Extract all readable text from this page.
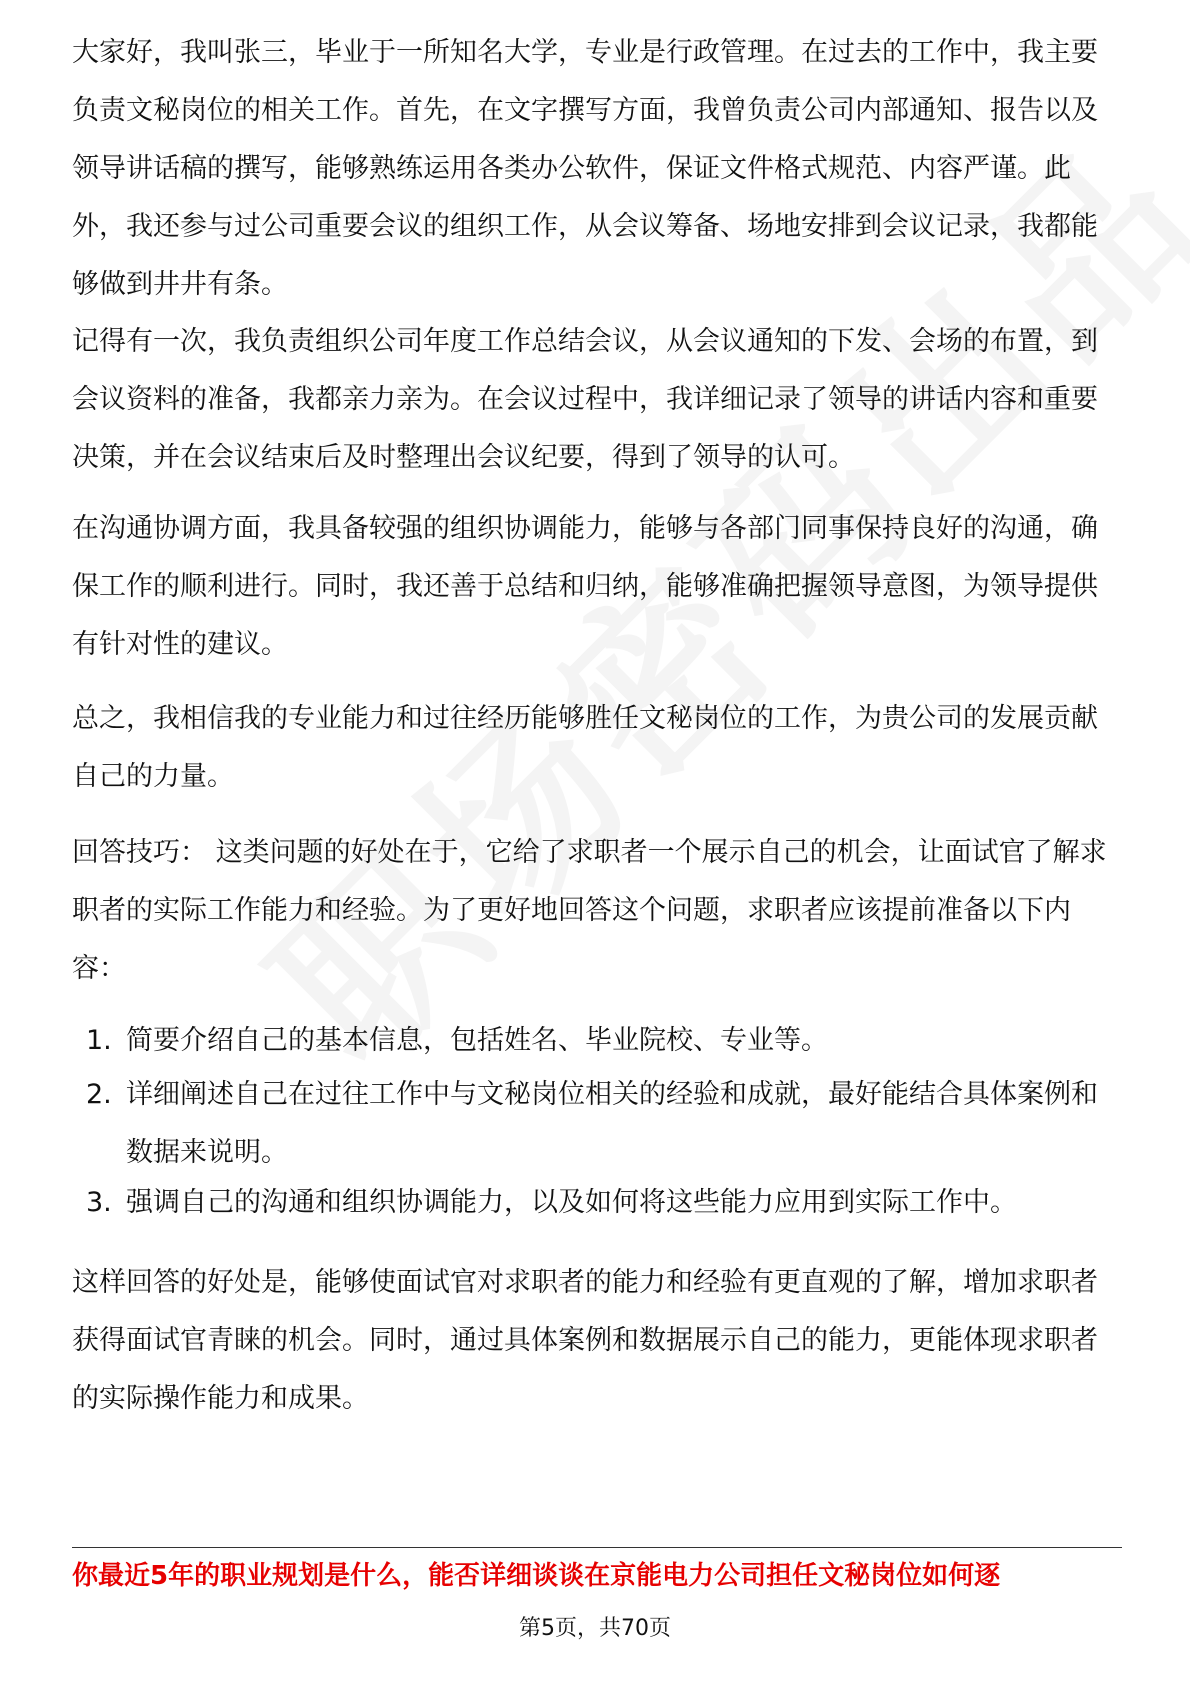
大家好，我叫张三，毕业于一所知名大学，专业是行政管理。在过去的工作中，我主要负责文秘岗位的相关工作。首先，在文字撰写方面，我曾负责公司内部通知、报告以及领导讲话稿的撰写，能够熟练运用各类办公软件，保证文件格式规范、内容严谨。此外，我还参与过公司重要会议的组织工作，从会议筹备、场地安排到会议记录，我都能够做到井井有条。

记得有一次，我负责组织公司年度工作总结会议，从会议通知的下发、会场的布置，到会议资料的准备，我都亲力亲为。在会议过程中，我详细记录了领导的讲话内容和重要决策，并在会议结束后及时整理出会议纪要，得到了领导的认可。

在沟通协调方面，我具备较强的组织协调能力，能够与各部门同事保持良好的沟通，确保工作的顺利进行。同时，我还善于总结和归纳，能够准确把握领导意图，为领导提供有针对性的建议。

总之，我相信我的专业能力和过往经历能够胜任文秘岗位的工作，为贵公司的发展贡献自己的力量。

回答技巧： 这类问题的好处在于，它给了求职者一个展示自己的机会，让面试官了解求职者的实际工作能力和经验。为了更好地回答这个问题，求职者应该提前准备以下内容：

1. 简要介绍自己的基本信息，包括姓名、毕业院校、专业等。
2. 详细阐述自己在过往工作中与文秘岗位相关的经验和成就，最好能结合具体案例和数据来说明。
3. 强调自己的沟通和组织协调能力，以及如何将这些能力应用到实际工作中。

这样回答的好处是，能够使面试官对求职者的能力和经验有更直观的了解，增加求职者获得面试官青睐的机会。同时，通过具体案例和数据展示自己的能力，更能体现求职者的实际操作能力和成果。

你最近5年的职业规划是什么，能否详细谈谈在京能电力公司担任文秘岗位如何逐
第5页，共70页
